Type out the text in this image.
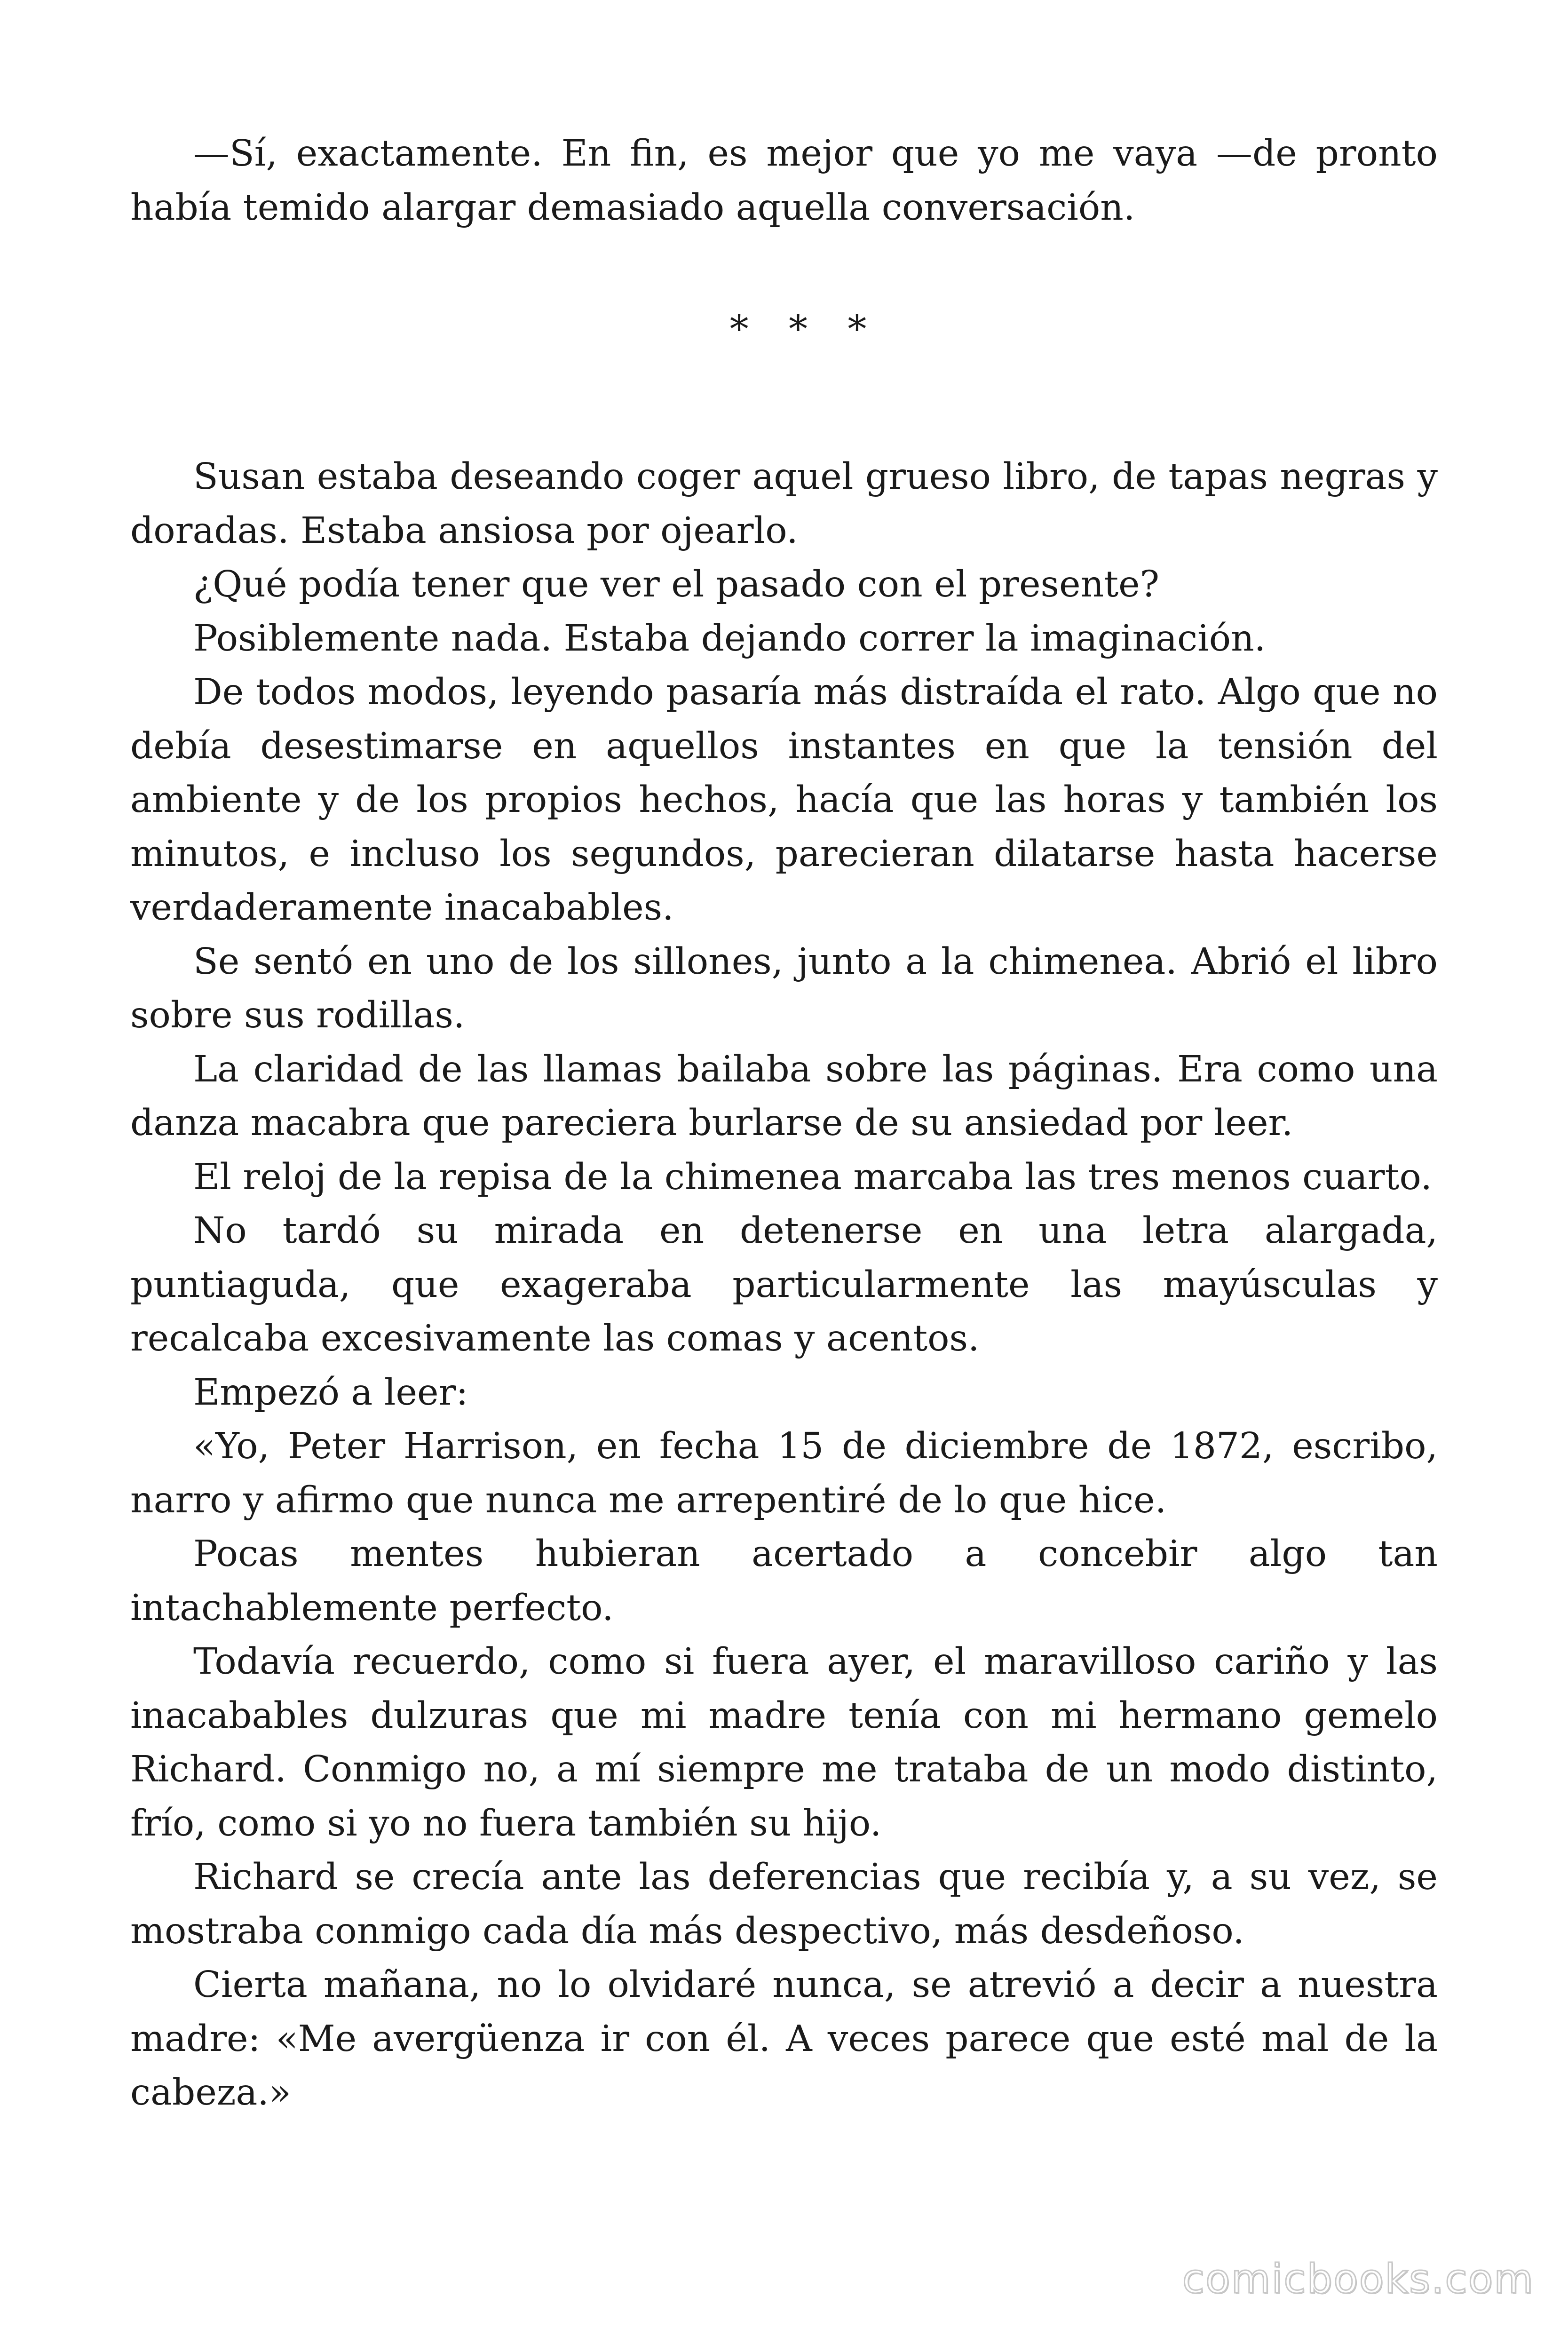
—Sí, exactamente. En fin, es mejor que yo me vaya —de pronto había temido alargar demasiado aquella conversación.

* * *

Susan estaba deseando coger aquel grueso libro, de tapas negras y doradas. Estaba ansiosa por ojearlo.

¿Qué podía tener que ver el pasado con el presente?

Posiblemente nada. Estaba dejando correr la imaginación.

De todos modos, leyendo pasaría más distraída el rato. Algo que no debía desestimarse en aquellos instantes en que la tensión del ambiente y de los propios hechos, hacía que las horas y también los minutos, e incluso los segundos, parecieran dilatarse hasta hacerse verdaderamente inacabables.

Se sentó en uno de los sillones, junto a la chimenea. Abrió el libro sobre sus rodillas.

La claridad de las llamas bailaba sobre las páginas. Era como una danza macabra que pareciera burlarse de su ansiedad por leer.

El reloj de la repisa de la chimenea marcaba las tres menos cuarto.

No tardó su mirada en detenerse en una letra alargada, puntiaguda, que exageraba particularmente las mayúsculas y recalcaba excesivamente las comas y acentos.

Empezó a leer:

«Yo, Peter Harrison, en fecha 15 de diciembre de 1872, escribo, narro y afirmo que nunca me arrepentiré de lo que hice.

Pocas mentes hubieran acertado a concebir algo tan intachablemente perfecto.

Todavía recuerdo, como si fuera ayer, el maravilloso cariño y las inacabables dulzuras que mi madre tenía con mi hermano gemelo Richard. Conmigo no, a mí siempre me trataba de un modo distinto, frío, como si yo no fuera también su hijo.

Richard se crecía ante las deferencias que recibía y, a su vez, se mostraba conmigo cada día más despectivo, más desdeñoso.

Cierta mañana, no lo olvidaré nunca, se atrevió a decir a nuestra madre: «Me avergüenza ir con él. A veces parece que esté mal de la cabeza.»

comicbooks.com
